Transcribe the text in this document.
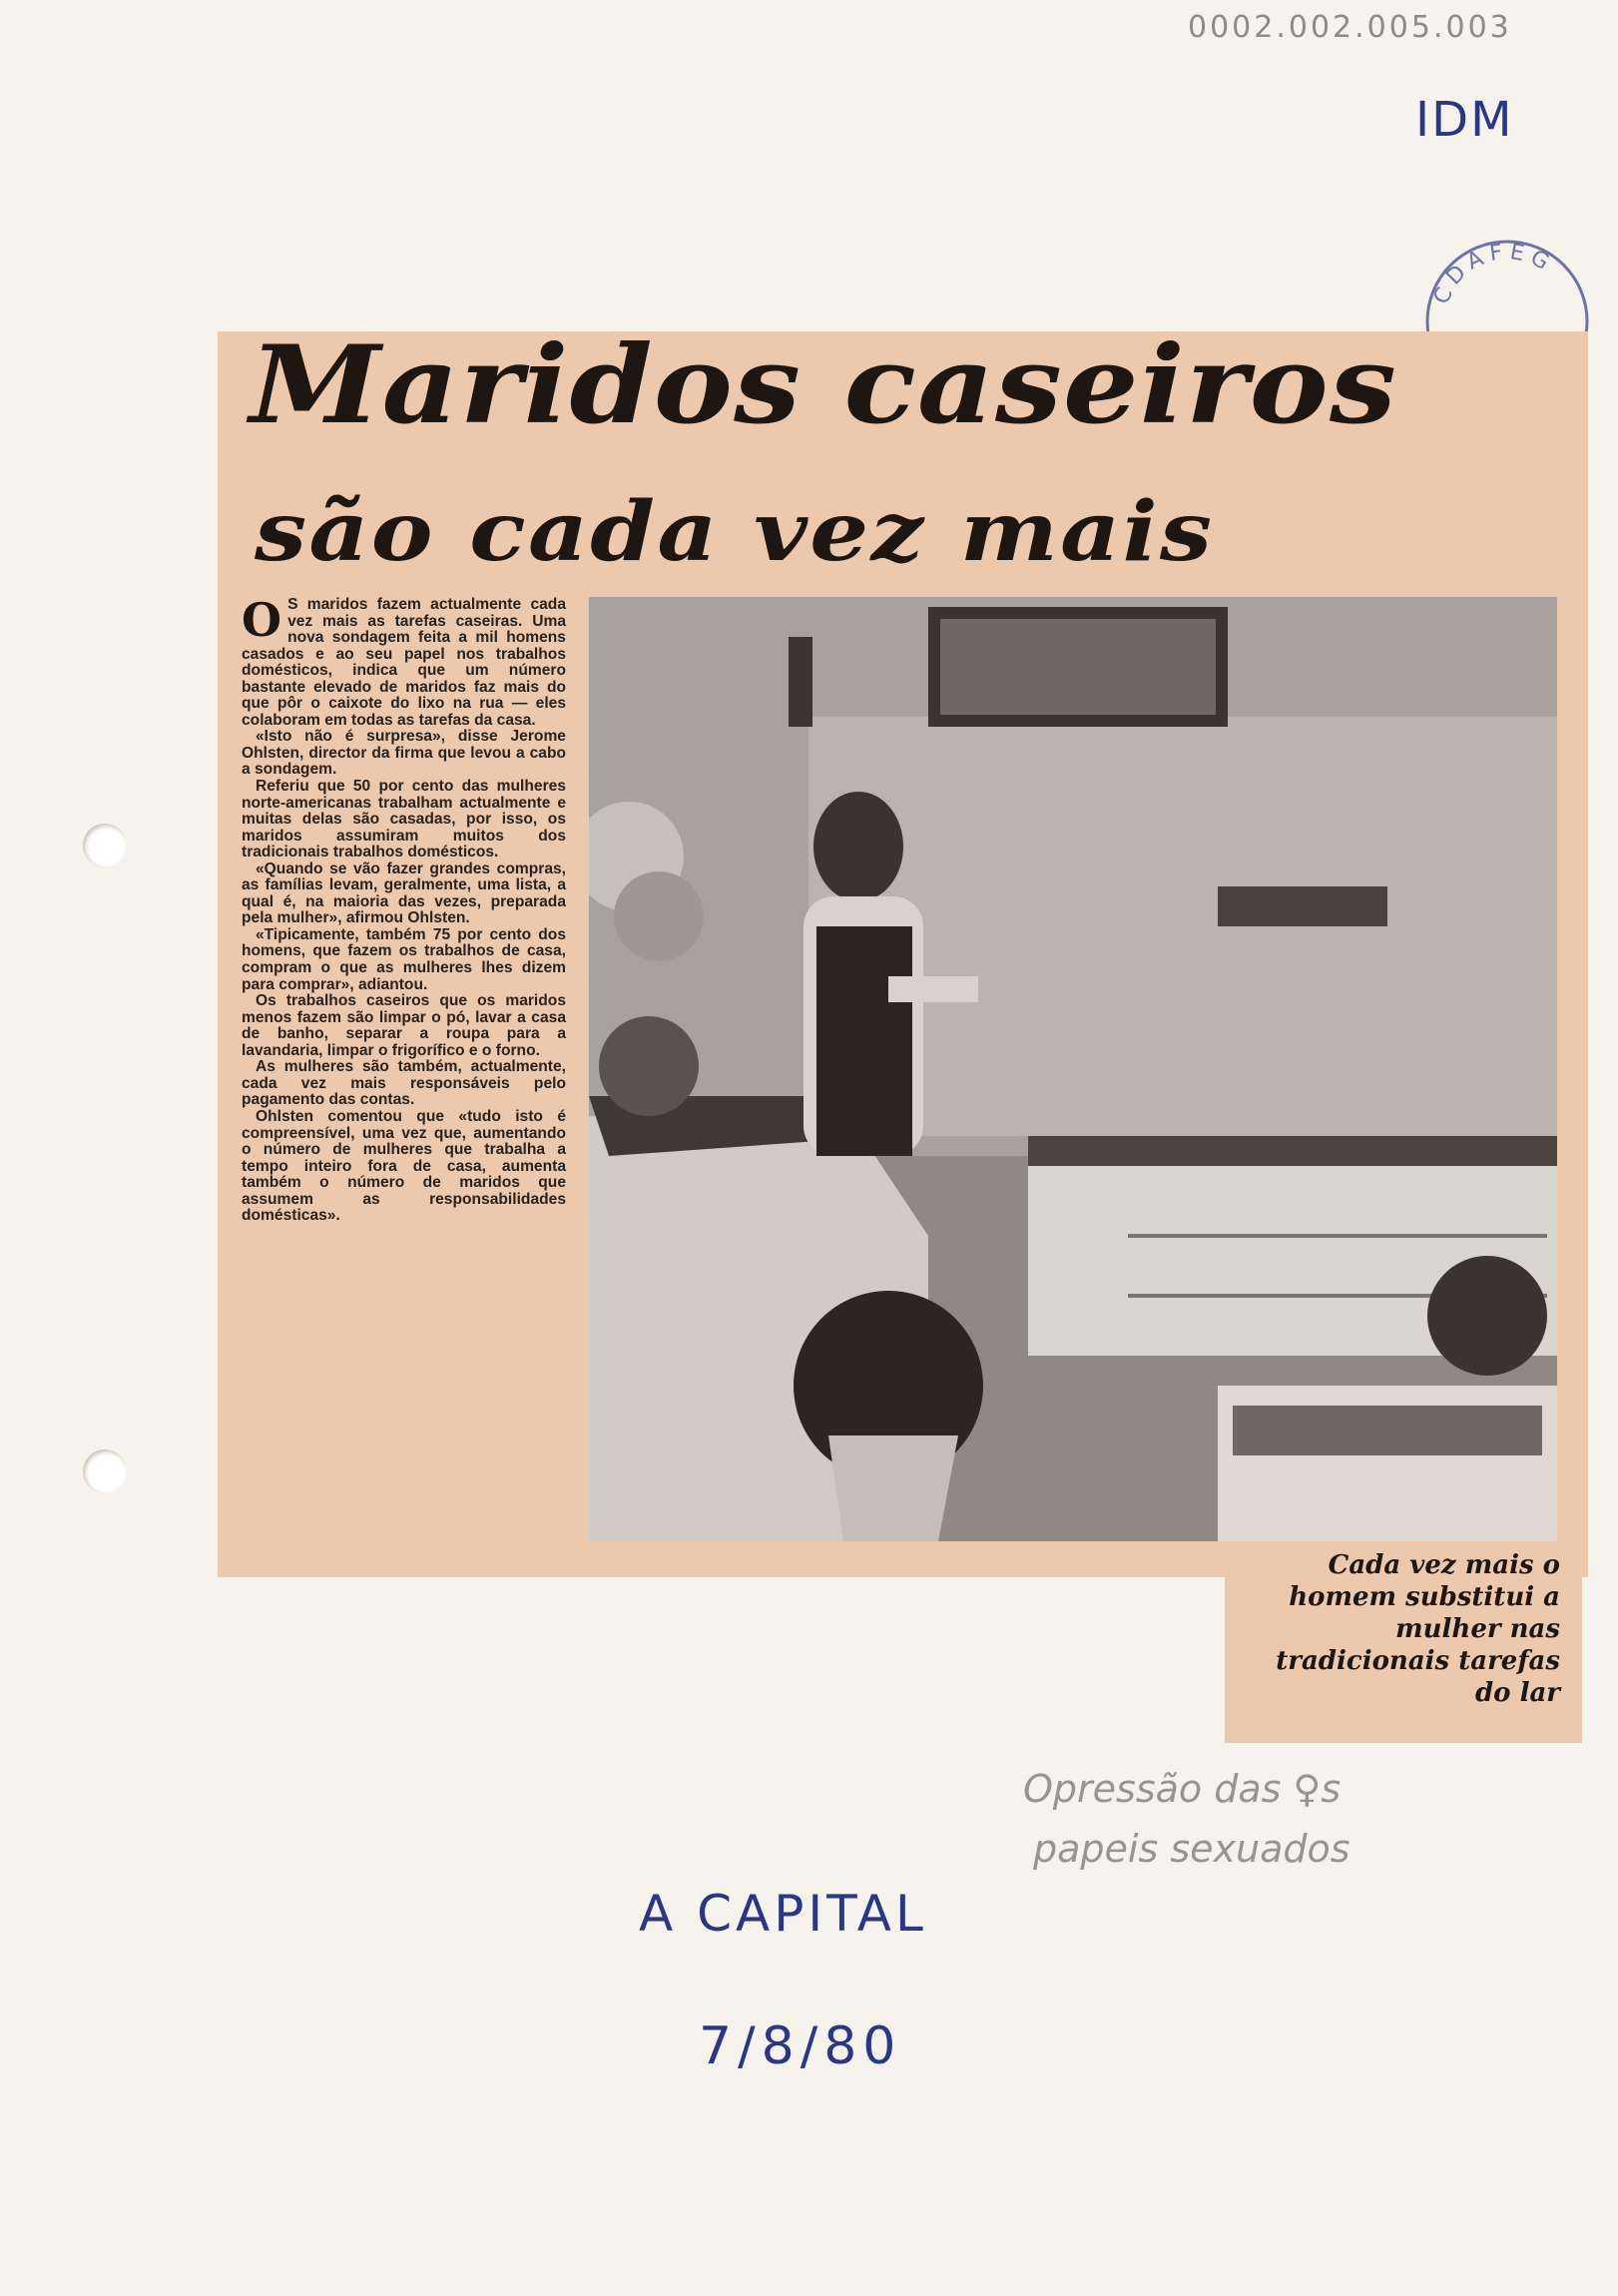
0002.002.005.003
IDM
CDAFEG
Maridos caseiros
são cada vez mais

O S maridos fazem actualmente cada vez mais as tarefas caseiras. Uma nova sondagem feita a mil homens casados e ao seu papel nos trabalhos domésticos, indica que um número bastante elevado de maridos faz mais do que pôr o caixote do lixo na rua — eles colaboram em todas as tarefas da casa.

«Isto não é surpresa», disse Jerome Ohlsten, director da firma que levou a cabo a sondagem.

Referiu que 50 por cento das mulheres norte-americanas trabalham actualmente e muitas delas são casadas, por isso, os maridos assumiram muitos dos tradicionais trabalhos domésticos.

«Quando se vão fazer grandes compras, as famílias levam, geralmente, uma lista, a qual é, na maioria das vezes, preparada pela mulher», afirmou Ohlsten.

«Tipicamente, também 75 por cento dos homens, que fazem os trabalhos de casa, compram o que as mulheres lhes dizem para comprar», adiantou.

Os trabalhos caseiros que os maridos menos fazem são limpar o pó, lavar a casa de banho, separar a roupa para a lavandaria, limpar o frigorífico e o forno.

As mulheres são também, actualmente, cada vez mais responsáveis pelo pagamento das contas.

Ohlsten comentou que «tudo isto é compreensível, uma vez que, aumentando o número de mulheres que trabalha a tempo inteiro fora de casa, aumenta também o número de maridos que assumem as responsabilidades domésticas».

Cada vez mais o homem substitui a mulher nas tradicionais tarefas do lar
Opressão das ♀s
papeis sexuados
A CAPITAL
7/8/80
